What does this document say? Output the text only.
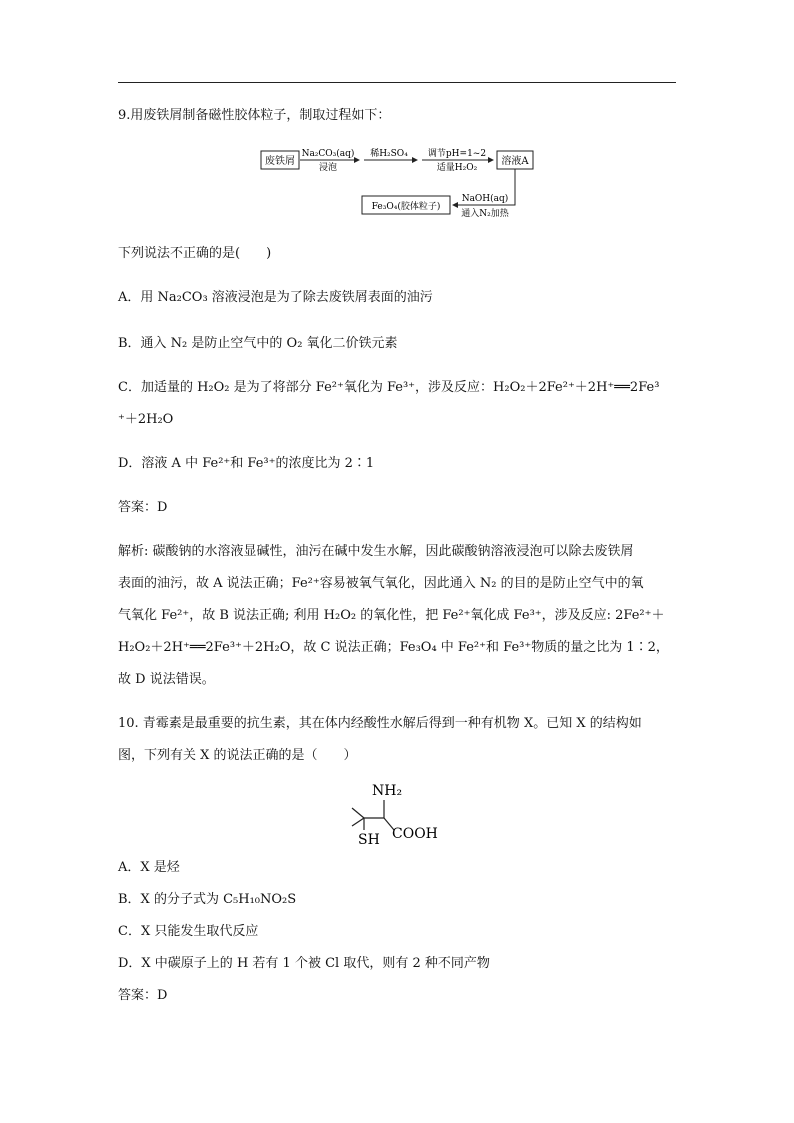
9.用废铁屑制备磁性胶体粒子，制取过程如下：
废铁屑
Na₂CO₃(aq)
浸泡
稀H₂SO₄ 调节pH=1~2
适量H₂O₂
溶液A
NaOH(aq)
通入N₂加热
Fe₃O₄(胶体粒子)
下列说法不正确的是(　　)
A．用 Na₂CO₃ 溶液浸泡是为了除去废铁屑表面的油污
B．通入 N₂ 是防止空气中的 O₂ 氧化二价铁元素
C．加适量的 H₂O₂ 是为了将部分 Fe²⁺氧化为 Fe³⁺，涉及反应：H₂O₂＋2Fe²⁺＋2H⁺══2Fe³
⁺＋2H₂O
D．溶液 A 中 Fe²⁺和 Fe³⁺的浓度比为 2∶1
答案：D
解析: 碳酸钠的水溶液显碱性，油污在碱中发生水解，因此碳酸钠溶液浸泡可以除去废铁屑
表面的油污，故 A 说法正确；Fe²⁺容易被氧气氧化，因此通入 N₂ 的目的是防止空气中的氧
气氧化 Fe²⁺，故 B 说法正确; 利用 H₂O₂ 的氧化性，把 Fe²⁺氧化成 Fe³⁺，涉及反应: 2Fe²⁺＋
H₂O₂＋2H⁺══2Fe³⁺＋2H₂O，故 C 说法正确；Fe₃O₄ 中 Fe²⁺和 Fe³⁺物质的量之比为 1∶2，
故 D 说法错误。
10. 青霉素是最重要的抗生素，其在体内经酸性水解后得到一种有机物 X。已知 X 的结构如
图，下列有关 X 的说法正确的是（　　）
NH₂
SH COOH
A．X 是烃
B．X 的分子式为 C₅H₁₀NO₂S
C．X 只能发生取代反应
D．X 中碳原子上的 H 若有 1 个被 Cl 取代，则有 2 种不同产物
答案：D
